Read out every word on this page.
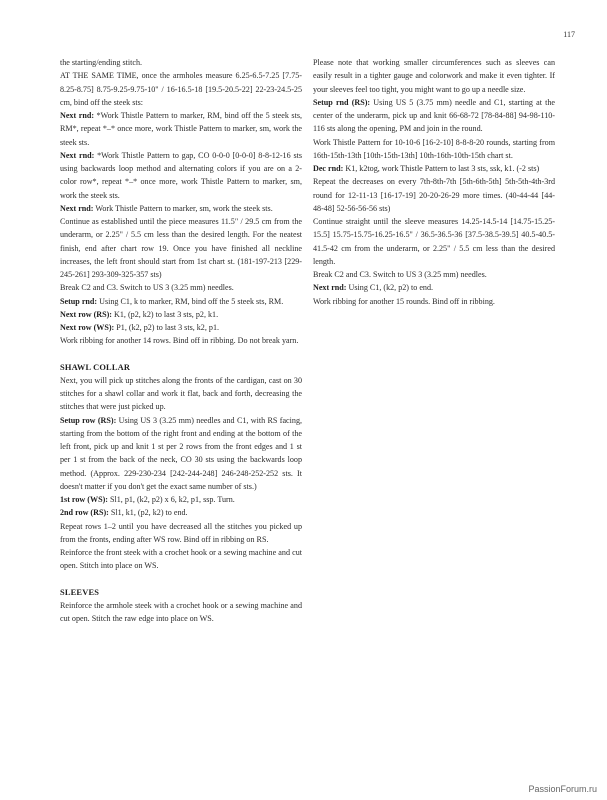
117

the starting/ending stitch.

AT THE SAME TIME, once the armholes measure 6.25-6.5-7.25 [7.75-8.25-8.75] 8.75-9.25-9.75-10" / 16-16.5-18 [19.5-20.5-22] 22-23-24.5-25 cm, bind off the steek sts:

Next rnd: *Work Thistle Pattern to marker, RM, bind off the 5 steek sts, RM*, repeat *–* once more, work Thistle Pattern to marker, sm, work the steek sts.

Next rnd: *Work Thistle Pattern to gap, CO 0-0-0 [0-0-0] 8-8-12-16 sts using backwards loop method and alternating colors if you are on a 2-color row*, repeat *–* once more, work Thistle Pattern to marker, sm, work the steek sts.

Next rnd: Work Thistle Pattern to marker, sm, work the steek sts.

Continue as established until the piece measures 11.5" / 29.5 cm from the underarm, or 2.25" / 5.5 cm less than the desired length. For the neatest finish, end after chart row 19. Once you have finished all neckline increases, the left front should start from 1st chart st. (181-197-213 [229-245-261] 293-309-325-357 sts)

Break C2 and C3. Switch to US 3 (3.25 mm) needles.

Setup rnd: Using C1, k to marker, RM, bind off the 5 steek sts, RM.

Next row (RS): K1, (p2, k2) to last 3 sts, p2, k1.

Next row (WS): P1, (k2, p2) to last 3 sts, k2, p1.

Work ribbing for another 14 rows. Bind off in ribbing. Do not break yarn.

SHAWL COLLAR

Next, you will pick up stitches along the fronts of the cardigan, cast on 30 stitches for a shawl collar and work it flat, back and forth, decreasing the stitches that were just picked up.

Setup row (RS): Using US 3 (3.25 mm) needles and C1, with RS facing, starting from the bottom of the right front and ending at the bottom of the left front, pick up and knit 1 st per 2 rows from the front edges and 1 st per 1 st from the back of the neck, CO 30 sts using the backwards loop method. (Approx. 229-230-234 [242-244-248] 246-248-252-252 sts. It doesn't matter if you don't get the exact same number of sts.)

1st row (WS): Sl1, p1, (k2, p2) x 6, k2, p1, ssp. Turn.

2nd row (RS): Sl1, k1, (p2, k2) to end.

Repeat rows 1–2 until you have decreased all the stitches you picked up from the fronts, ending after WS row. Bind off in ribbing on RS.

Reinforce the front steek with a crochet hook or a sewing machine and cut open. Stitch into place on WS.

SLEEVES

Reinforce the armhole steek with a crochet hook or a sewing machine and cut open. Stitch the raw edge into place on WS.

Please note that working smaller circumferences such as sleeves can easily result in a tighter gauge and colorwork and make it even tighter. If your sleeves feel too tight, you might want to go up a needle size.

Setup rnd (RS): Using US 5 (3.75 mm) needle and C1, starting at the center of the underarm, pick up and knit 66-68-72 [78-84-88] 94-98-110-116 sts along the opening, PM and join in the round.

Work Thistle Pattern for 10-10-6 [16-2-10] 8-8-8-20 rounds, starting from 16th-15th-13th [10th-15th-13th] 10th-16th-10th-15th chart st.

Dec rnd: K1, k2tog, work Thistle Pattern to last 3 sts, ssk, k1. (-2 sts)

Repeat the decreases on every 7th-8th-7th [5th-6th-5th] 5th-5th-4th-3rd round for 12-11-13 [16-17-19] 20-20-26-29 more times. (40-44-44 [44-48-48] 52-56-56-56 sts)

Continue straight until the sleeve measures 14.25-14.5-14 [14.75-15.25-15.5] 15.75-15.75-16.25-16.5" / 36.5-36.5-36 [37.5-38.5-39.5] 40.5-40.5-41.5-42 cm from the underarm, or 2.25" / 5.5 cm less than the desired length.

Break C2 and C3. Switch to US 3 (3.25 mm) needles.

Next rnd: Using C1, (k2, p2) to end.

Work ribbing for another 15 rounds. Bind off in ribbing.

PassionForum.ru
